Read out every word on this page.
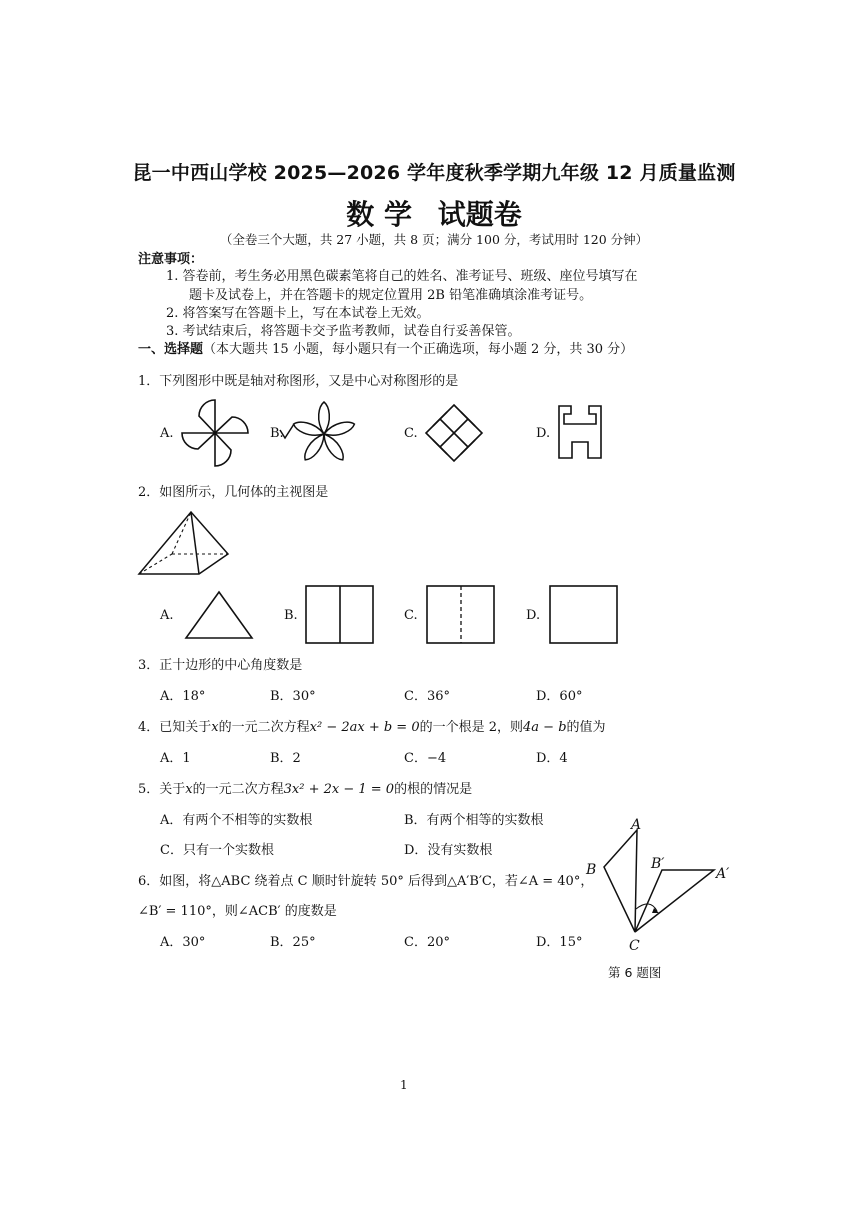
昆一中西山学校 2025—2026 学年度秋季学期九年级 12 月质量监测
数 学 试题卷
（全卷三个大题，共 27 小题，共 8 页；满分 100 分，考试用时 120 分钟）
注意事项：
1. 答卷前，考生务必用黑色碳素笔将自己的姓名、准考证号、班级、座位号填写在
题卡及试卷上，并在答题卡的规定位置用 2B 铅笔准确填涂准考证号。
2. 将答案写在答题卡上，写在本试卷上无效。
3. 考试结束后，将答题卡交予监考教师，试卷自行妥善保管。
一、选择题（本大题共 15 小题，每小题只有一个正确选项，每小题 2 分，共 30 分）
1．下列图形中既是轴对称图形，又是中心对称图形的是
A.	B.	C.	D.
2．如图所示，几何体的主视图是
A.	B.	C.	D.
3．正十边形的中心角度数是
A．18°	B．30°	C．36°	D．60°
4．已知关于x的一元二次方程x² − 2ax + b = 0的一个根是 2，则4a − b的值为
A．1	B．2	C．−4	D．4
5．关于x的一元二次方程3x² + 2x − 1 = 0的根的情况是
A．有两个不相等的实数根	B．有两个相等的实数根
C．只有一个实数根	D．没有实数根
6．如图，将△ABC 绕着点 C 顺时针旋转 50° 后得到△A′B′C，若∠A = 40°，
∠B′ = 110°，则∠ACB′ 的度数是
A．30°	B．25°	C．20°	D．15°
A
B	B′
A′
C
第 6 题图
1
